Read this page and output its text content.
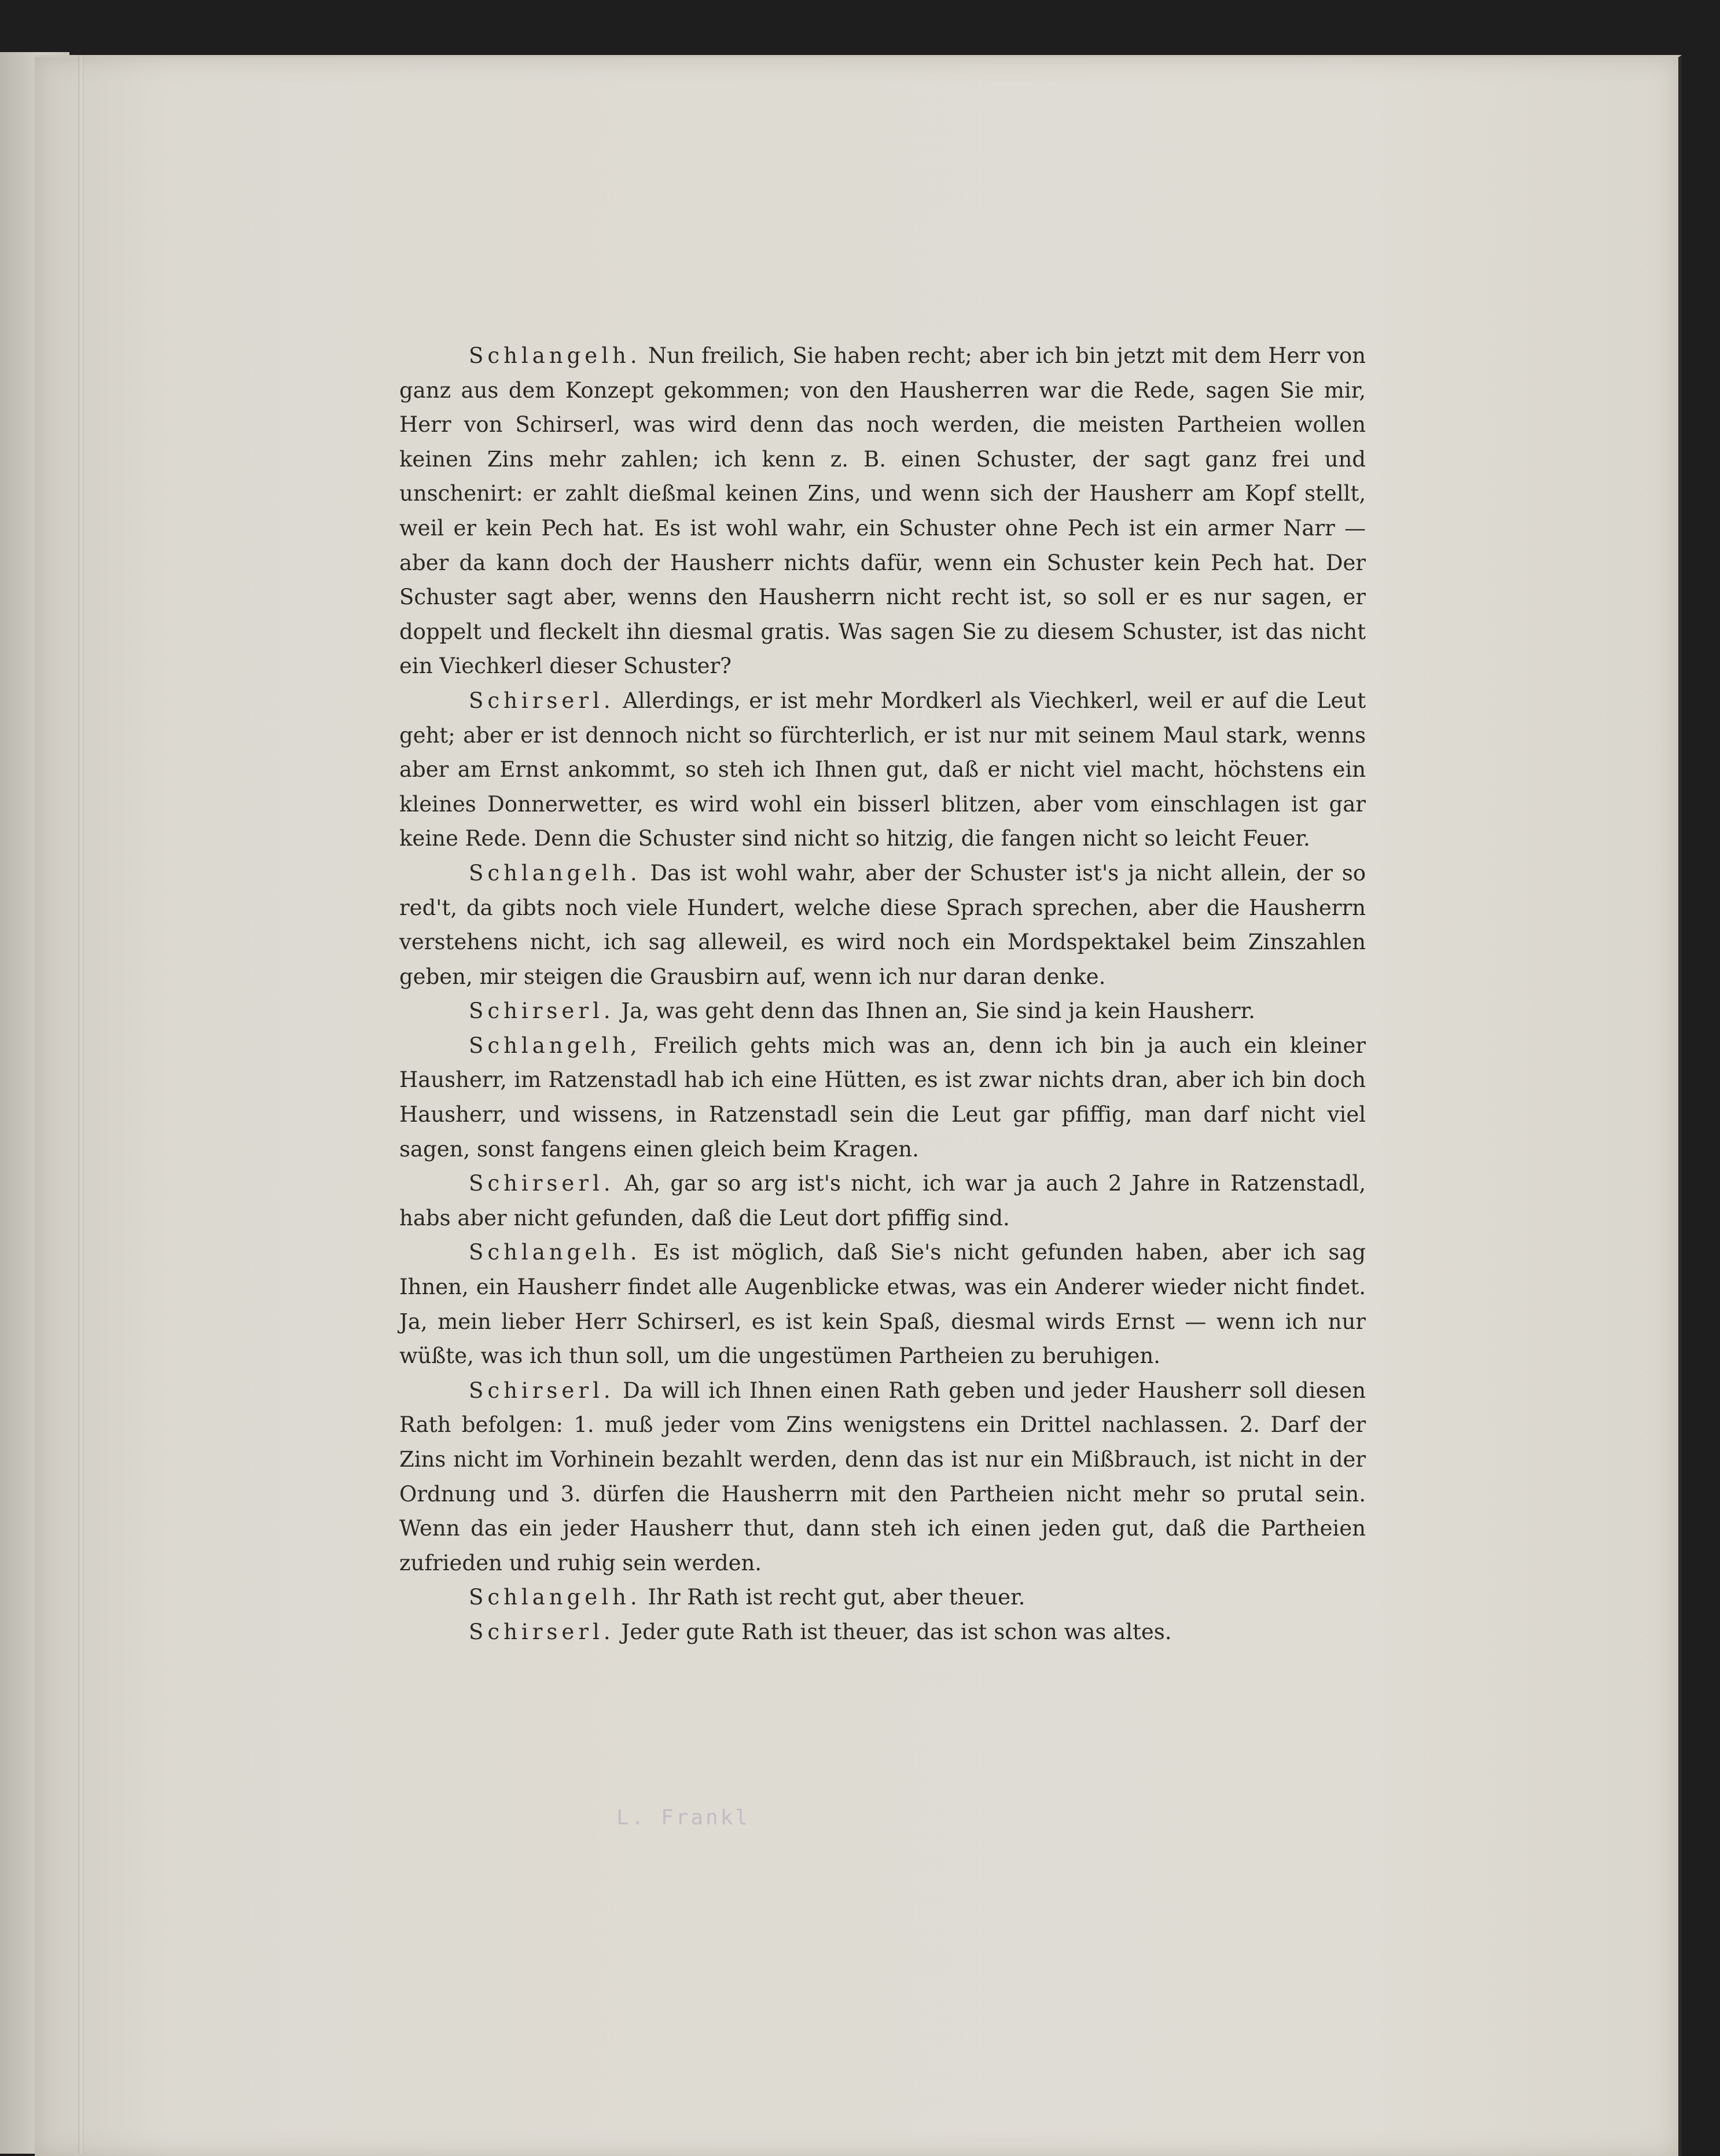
Schlangelh. Nun freilich, Sie haben recht; aber ich bin jetzt mit dem Herr von ganz aus dem Konzept gekommen; von den Hausherren war die Rede, sagen Sie mir, Herr von Schirserl, was wird denn das noch werden, die meisten Partheien wollen keinen Zins mehr zahlen; ich kenn z. B. einen Schuster, der sagt ganz frei und unschenirt: er zahlt dießmal keinen Zins, und wenn sich der Hausherr am Kopf stellt, weil er kein Pech hat. Es ist wohl wahr, ein Schuster ohne Pech ist ein armer Narr — aber da kann doch der Hausherr nichts dafür, wenn ein Schuster kein Pech hat. Der Schuster sagt aber, wenns den Hausherrn nicht recht ist, so soll er es nur sagen, er doppelt und fleckelt ihn diesmal gratis. Was sagen Sie zu diesem Schuster, ist das nicht ein Viechkerl dieser Schuster?

Schirserl. Allerdings, er ist mehr Mordkerl als Viechkerl, weil er auf die Leut geht; aber er ist dennoch nicht so fürchterlich, er ist nur mit seinem Maul stark, wenns aber am Ernst ankommt, so steh ich Ihnen gut, daß er nicht viel macht, höchstens ein kleines Donnerwetter, es wird wohl ein bisserl blitzen, aber vom einschlagen ist gar keine Rede. Denn die Schuster sind nicht so hitzig, die fangen nicht so leicht Feuer.

Schlangelh. Das ist wohl wahr, aber der Schuster ist's ja nicht allein, der so red't, da gibts noch viele Hundert, welche diese Sprach sprechen, aber die Hausherrn verstehens nicht, ich sag alleweil, es wird noch ein Mordspektakel beim Zinszahlen geben, mir steigen die Grausbirn auf, wenn ich nur daran denke.

Schirserl. Ja, was geht denn das Ihnen an, Sie sind ja kein Hausherr.

Schlangelh, Freilich gehts mich was an, denn ich bin ja auch ein kleiner Hausherr, im Ratzenstadl hab ich eine Hütten, es ist zwar nichts dran, aber ich bin doch Hausherr, und wissens, in Ratzenstadl sein die Leut gar pfiffig, man darf nicht viel sagen, sonst fangens einen gleich beim Kragen.

Schirserl. Ah, gar so arg ist's nicht, ich war ja auch 2 Jahre in Ratzenstadl, habs aber nicht gefunden, daß die Leut dort pfiffig sind.

Schlangelh. Es ist möglich, daß Sie's nicht gefunden haben, aber ich sag Ihnen, ein Hausherr findet alle Augenblicke etwas, was ein Anderer wieder nicht findet. Ja, mein lieber Herr Schirserl, es ist kein Spaß, diesmal wirds Ernst — wenn ich nur wüßte, was ich thun soll, um die ungestümen Partheien zu beruhigen.

Schirserl. Da will ich Ihnen einen Rath geben und jeder Hausherr soll diesen Rath befolgen: 1. muß jeder vom Zins wenigstens ein Drittel nachlassen. 2. Darf der Zins nicht im Vorhinein bezahlt werden, denn das ist nur ein Mißbrauch, ist nicht in der Ordnung und 3. dürfen die Hausherrn mit den Partheien nicht mehr so prutal sein. Wenn das ein jeder Hausherr thut, dann steh ich einen jeden gut, daß die Partheien zufrieden und ruhig sein werden.

Schlangelh. Ihr Rath ist recht gut, aber theuer.

Schirserl. Jeder gute Rath ist theuer, das ist schon was altes.

L. Frankl
